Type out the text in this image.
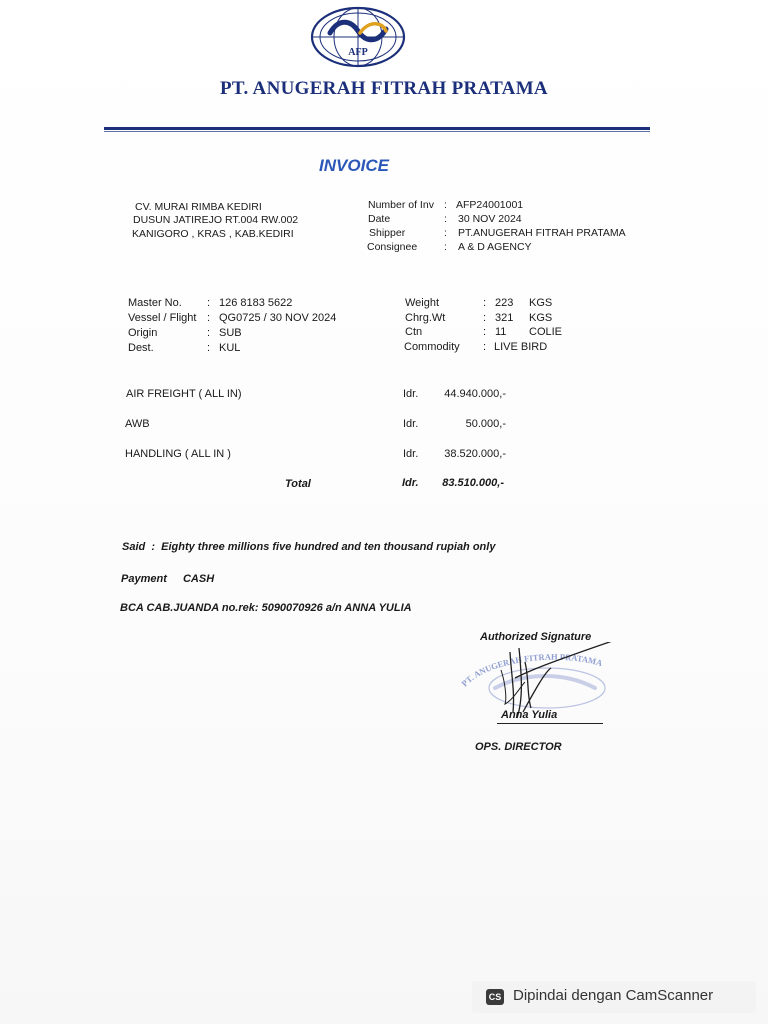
AFP
PT. ANUGERAH FITRAH PRATAMA
INVOICE
CV. MURAI RIMBA KEDIRI
DUSUN JATIREJO RT.004 RW.002
KANIGORO , KRAS , KAB.KEDIRI
Number of Inv : AFP24001001
Date	: 30 NOV 2024
Shipper	: PT.ANUGERAH FITRAH PRATAMA
Consignee	: A & D AGENCY
Master No. : 126 8183 5622
Vessel / Flight : QG0725 / 30 NOV 2024
Origin	: SUB
Dest.	: KUL
Weight	: 223 KGS
Chrg.Wt	: 321 KGS
Ctn	: 11 COLIE
Commodity : LIVE BIRD
AIR FREIGHT ( ALL IN)	Idr.	44.940.000,-
AWB	Idr.	50.000,-
HANDLING ( ALL IN )	Idr.	38.520.000,-
Total	Idr.	83.510.000,-
Said  :  Eighty three millions five hundred and ten thousand rupiah only
Payment CASH
BCA CAB.JUANDA no.rek: 5090070926 a/n ANNA YULIA
Authorized Signature
PT. ANUGERAH FITRAH PRATAMA
Anna Yulia
OPS. DIRECTOR
CS Dipindai dengan CamScanner
